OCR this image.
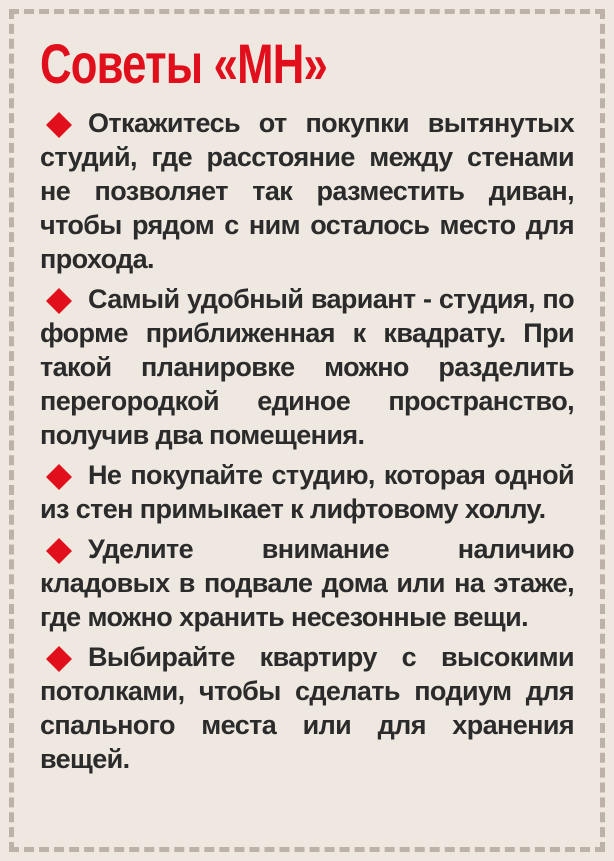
Советы «МН»
Откажитесь от покупки вытянутых студий, где расстояние между стенами не позволяет так разместить диван, чтобы рядом с ним осталось место для прохода.
Самый удобный вариант - студия, по форме приближенная к квадрату. При такой планировке можно разделить перегородкой единое пространство, получив два помещения.
Не покупайте студию, которая одной из стен примыкает к лифтовому холлу.
Уделите внимание наличию кладовых в подвале дома или на этаже, где можно хранить несезонные вещи.
Выбирайте квартиру с высокими потолками, чтобы сделать подиум для спального места или для хранения вещей.
